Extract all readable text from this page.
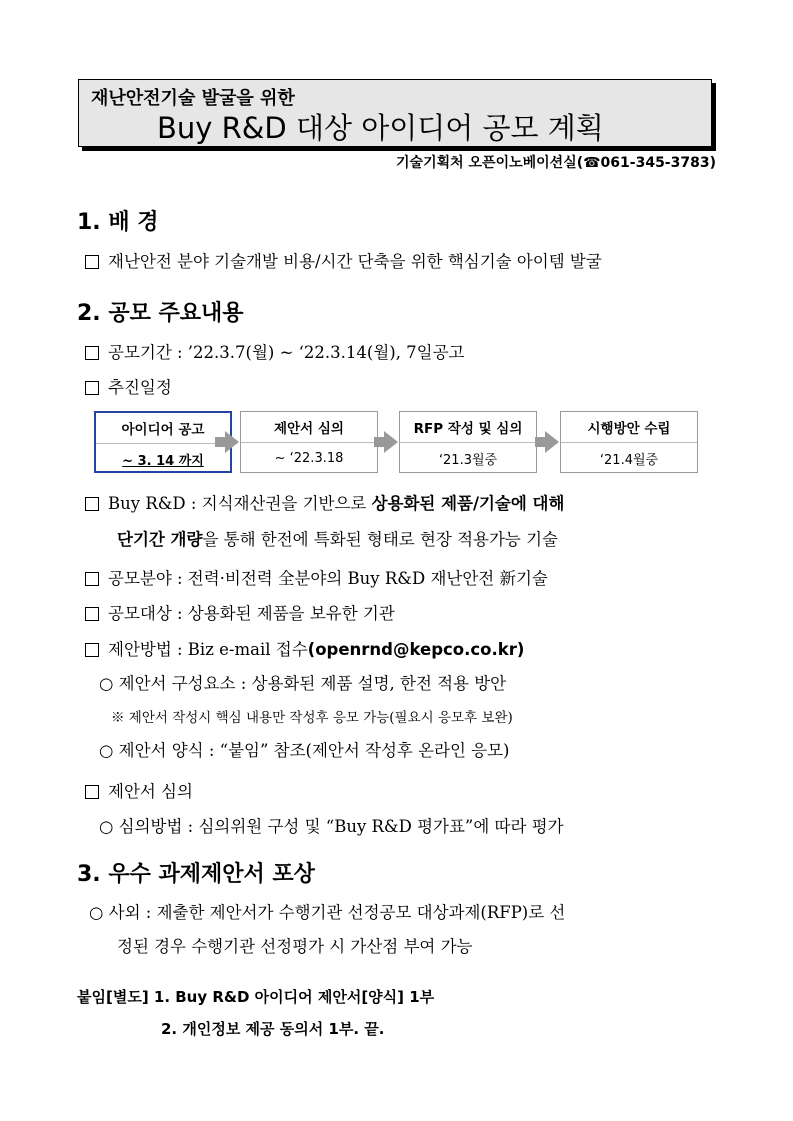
재난안전기술 발굴을 위한
Buy R&D 대상 아이디어 공모 계획
기술기획처 오픈이노베이션실(☎061-345-3783)
1. 배 경
재난안전 분야 기술개발 비용/시간 단축을 위한 핵심기술 아이템 발굴
2. 공모 주요내용
공모기간 : ’22.3.7(월) ~ ‘22.3.14(월), 7일공고
추진일정
아이디어 공고
~ 3. 14 까지
제안서 심의
~ ‘22.3.18
RFP 작성 및 심의
‘21.3월중
시행방안 수립
‘21.4월중
Buy R&D : 지식재산권을 기반으로 상용화된 제품/기술에 대해
단기간 개량을 통해 한전에 특화된 형태로 현장 적용가능 기술
공모분야 : 전력·비전력 全분야의 Buy R&D 재난안전 新기술
공모대상 : 상용화된 제품을 보유한 기관
제안방법 : Biz e-mail 접수(openrnd@kepco.co.kr)
○ 제안서 구성요소 : 상용화된 제품 설명, 한전 적용 방안
※ 제안서 작성시 핵심 내용만 작성후 응모 가능(필요시 응모후 보완)
○ 제안서 양식 : “붙임” 참조(제안서 작성후 온라인 응모)
제안서 심의
○ 심의방법 : 심의위원 구성 및 “Buy R&D 평가표”에 따라 평가
3. 우수 과제제안서 포상
○ 사외 : 제출한 제안서가 수행기관 선정공모 대상과제(RFP)로 선
정된 경우 수행기관 선정평가 시 가산점 부여 가능
붙임[별도] 1. Buy R&D 아이디어 제안서[양식] 1부
2. 개인정보 제공 동의서 1부. 끝.
